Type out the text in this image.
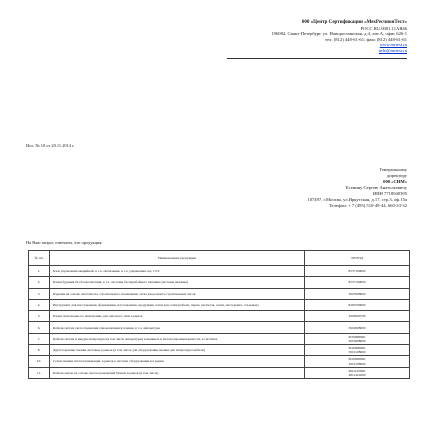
000 «Центр Сертификации «МехРесчионТест»
РОСС RU.0001.11АЯ46
196084, Санкт-Петербург, ул. Новоросчинская, д.4, лит.А, офис 626-1
тел: (812) 448-61-61; факс (812) 448-61-61
www.mrtest.ru
info@mrtest.ru
Исх. № 10 от 20.11.2014 г.
Генеральному
директору
000 «СИМ»
Есенину Сергею Анатольевичу
ИНН 7718940395
107497, г.Москва, ул.Иркутская, д.17, стр.3, оф.15а
Телефон: + 7 (495) 510-49-44, 660-33-32
На Ваш запрос отвечаем, что продукция:
№ п/п	Наименование продукции	ТН ВЭД
1.	Блок управления аварийной, в т.ч. светильник, в т.ч. управления сер. СУС	8537109000

2.	Блоки бурения без блока питания, в т.ч. системы бесперебойного питания (системы питания)	8537109000

3.	Изделия на основе пластмассы, строительного назначения, сетка для ремонта строительных лесов	3925908000

4.	Инструмент для изготовления, формования, изготовления, продукции сетки для сетки (кабели, перил, настилов, сетки, мастерских, стальных)	8205590000

5.	Блоки сигнальные по назначению для светового типа в рынок	3926909700

6.	Кабели систем светоотражения самоклеющиеся пленки, в т.ч. аппаратуры	3919908000

7.	Кабели систем и шнуры аппаратуры (в том числе аппаратуры) в машинах и металлопромышленности, в системах	3919908000,
3919908000

8.	Двухсторонние пленки световые в рынок (в том числе для оборудования пленки для аппаратуры мебели)	3919908000,
3919108000

10.	Сетки пленки светоотражающей, в рынок в системе оборудования и в рынок	3919908000,
3919108000

11.	Кабели ленты на основе светоотражающей бумаги в рынок (в том числе)	4811410000,
4811410000
